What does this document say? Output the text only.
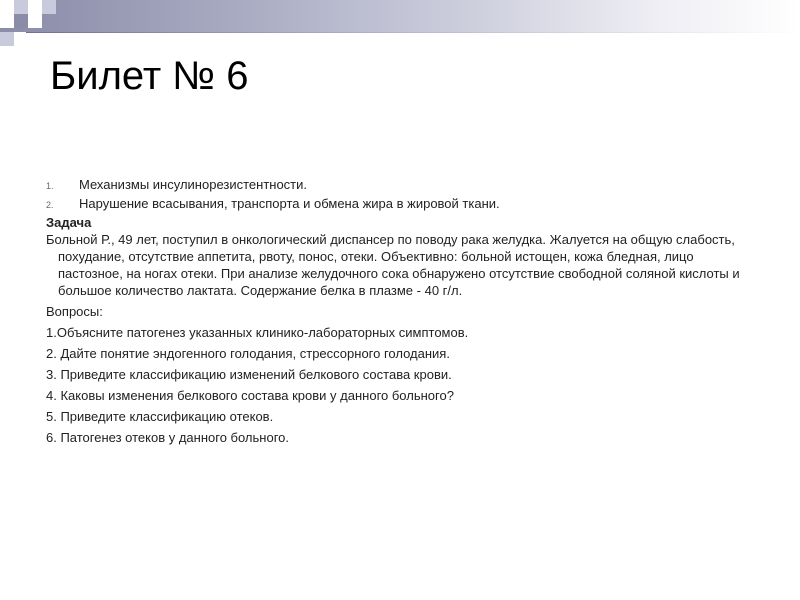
Билет № 6
1. Механизмы инсулинорезистентности.
2. Нарушение всасывания, транспорта и обмена жира в жировой ткани.
Задача
Больной Р., 49 лет, поступил в онкологический диспансер по поводу рака желудка. Жалуется на общую слабость, похудание, отсутствие аппетита, рвоту, понос, отеки. Объективно: больной истощен, кожа бледная, лицо пастозное, на ногах отеки. При анализе желудочного сока обнаружено отсутствие свободной соляной кислоты и большое количество лактата. Содержание белка в плазме - 40 г/л.
Вопросы:
1.Объясните патогенез указанных клинико-лабораторных симптомов.
2. Дайте понятие эндогенного голодания, стрессорного голодания.
3. Приведите классификацию изменений белкового состава крови.
4. Каковы изменения белкового состава крови у данного больного?
5. Приведите классификацию отеков.
6. Патогенез отеков у данного больного.
